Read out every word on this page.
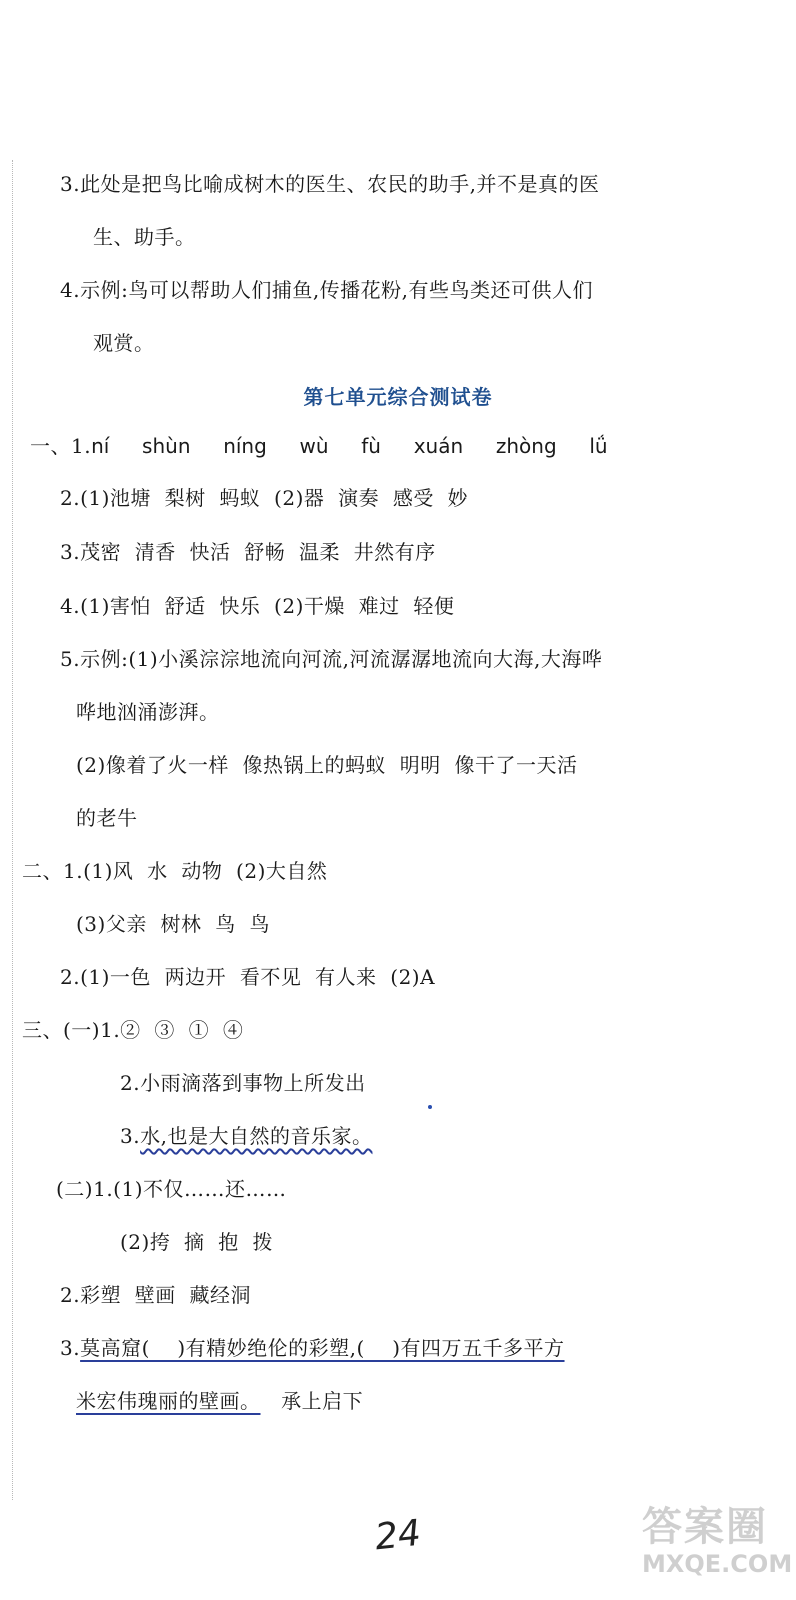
3.此处是把鸟比喻成树木的医生、农民的助手,并不是真的医
生、助手。
4.示例:鸟可以帮助人们捕鱼,传播花粉,有些鸟类还可供人们
观赏。
第七单元综合测试卷
一、1.ní  shùn  níng  wù  fù  xuán  zhòng  lǘ
2.(1)池塘  梨树  蚂蚁  (2)器  演奏  感受  妙
3.茂密  清香  快活  舒畅  温柔  井然有序
4.(1)害怕  舒适  快乐  (2)干燥  难过  轻便
5.示例:(1)小溪淙淙地流向河流,河流潺潺地流向大海,大海哗
哗地汹涌澎湃。
(2)像着了火一样  像热锅上的蚂蚁  明明  像干了一天活
的老牛
二、1.(1)风  水  动物  (2)大自然
(3)父亲  树林  鸟  鸟
2.(1)一色  两边开  看不见  有人来  (2)A
三、(一)1.②  ③  ①  ④
2.小雨滴落到事物上所发出
3.水,也是大自然的音乐家。
(二)1.(1)不仅……还……
(2)挎  摘  抱  拨
2.彩塑  壁画  藏经洞
3.莫高窟(    )有精妙绝伦的彩塑,(    )有四万五千多平方
米宏伟瑰丽的壁画。   承上启下
24	答案圈
MXQE.COM
